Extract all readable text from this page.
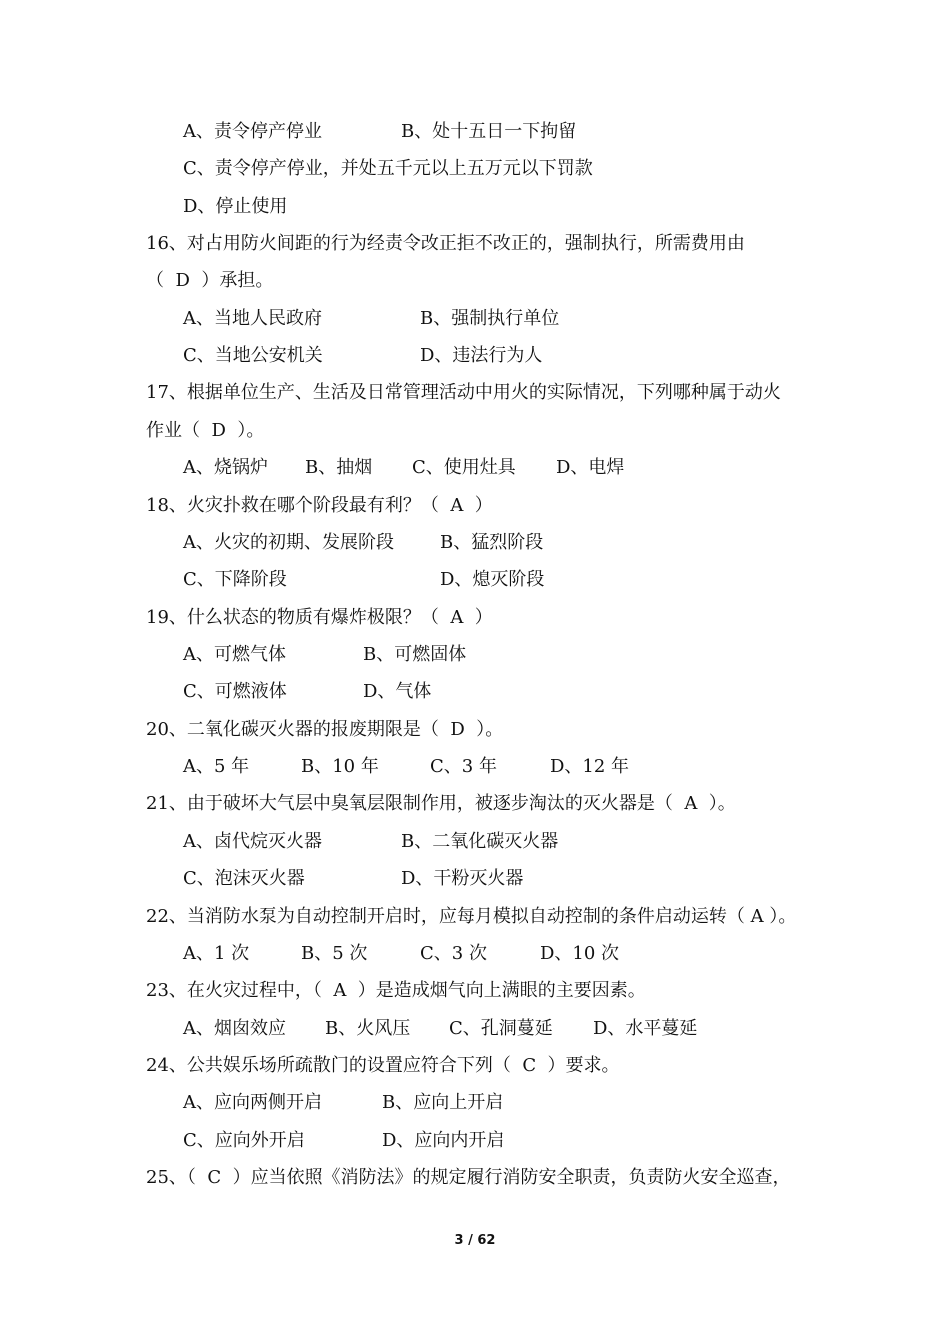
A、责令停产停业	B、处十五日一下拘留
C、责令停产停业，并处五千元以上五万元以下罚款
D、停止使用
16、对占用防火间距的行为经责令改正拒不改正的，强制执行，所需费用由
（  D  ）承担。
A、当地人民政府	B、强制执行单位
C、当地公安机关	D、违法行为人
17、根据单位生产、生活及日常管理活动中用火的实际情况，下列哪种属于动火
作业（  D  ）。
A、烧锅炉 B、抽烟 C、使用灶具 D、电焊
18、火灾扑救在哪个阶段最有利？（  A  ）
A、火灾的初期、发展阶段	B、猛烈阶段
C、下降阶段	D、熄灭阶段
19、什么状态的物质有爆炸极限？（  A  ）
A、可燃气体	B、可燃固体
C、可燃液体	D、气体
20、二氧化碳灭火器的报废期限是（  D  ）。
A、5 年	B、10 年	C、3 年	D、12 年
21、由于破坏大气层中臭氧层限制作用，被逐步淘汰的灭火器是（  A  ）。
A、卤代烷灭火器	B、二氧化碳灭火器
C、泡沫灭火器	D、干粉灭火器
22、当消防水泵为自动控制开启时，应每月模拟自动控制的条件启动运转（ A ）。
A、1 次	B、5 次	C、3 次	D、10 次
23、在火灾过程中，（  A  ）是造成烟气向上满眼的主要因素。
A、烟囱效应 B、火风压 C、孔洞蔓延 D、水平蔓延
24、公共娱乐场所疏散门的设置应符合下列（  C  ）要求。
A、应向两侧开启	B、应向上开启
C、应向外开启	D、应向内开启
25、（  C  ）应当依照《消防法》的规定履行消防安全职责，负责防火安全巡查，
3 / 62
